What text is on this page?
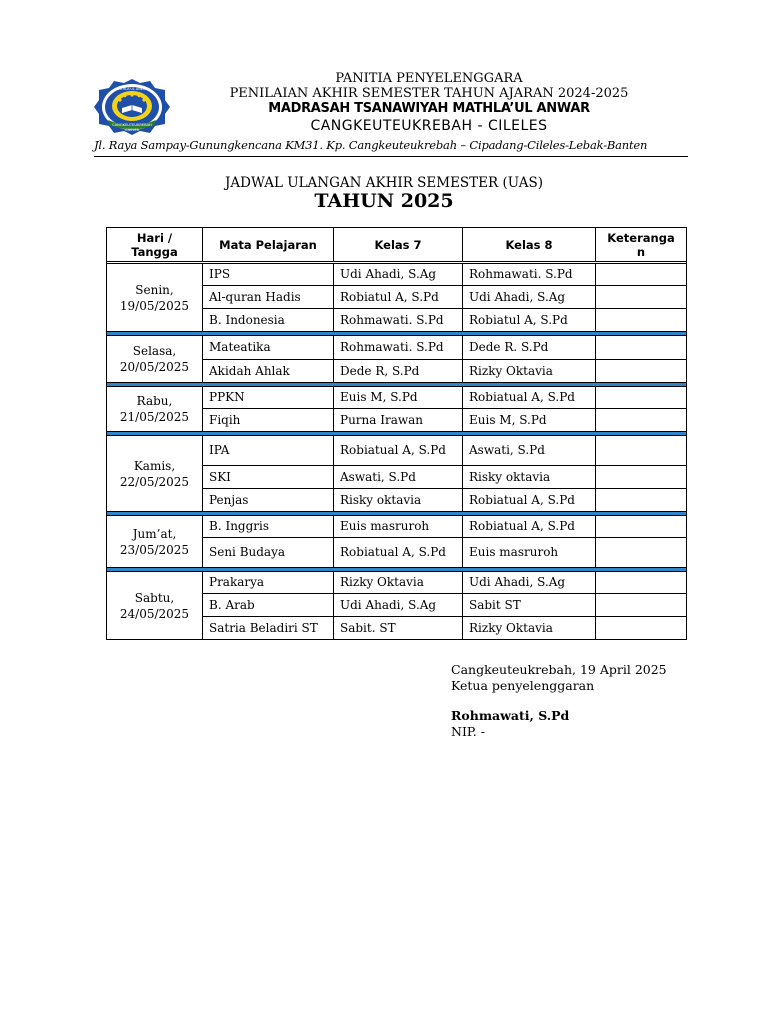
CANGKEUTEUKREBAH
CILELES
MATHLA'UL ANWAR
PANITIA PENYELENGGARA
PENILAIAN AKHIR SEMESTER TAHUN AJARAN 2024-2025
MADRASAH TSANAWIYAH MATHLA’UL ANWAR
CANGKEUTEUKREBAH - CILELES
Jl. Raya Sampay-Gunungkencana KM31. Kp. Cangkeuteukrebah – Cipadang-Cileles-Lebak-Banten
JADWAL ULANGAN AKHIR SEMESTER (UAS)
TAHUN 2025
Hari / Tangga	Mata Pelajaran	Kelas 7	Kelas 8	Keteranga n

Senin,
19/05/2025	IPS	Udi Ahadi, S.Ag	Rohmawati. S.Pd	
	Al-quran Hadis	Robiatul A, S.Pd	Udi Ahadi, S.Ag	
	B. Indonesia	Rohmawati. S.Pd	Robiatul A, S.Pd	

Selasa,
20/05/2025	Mateatika	Rohmawati. S.Pd	Dede R. S.Pd	
	Akidah Ahlak	Dede R, S.Pd	Rizky Oktavia	

Rabu,
21/05/2025	PPKN	Euis M, S.Pd	Robiatual A, S.Pd	
	Fiqih	Purna Irawan	Euis M, S.Pd	

Kamis,
22/05/2025	IPA	Robiatual A, S.Pd	Aswati, S.Pd	
	SKI	Aswati, S.Pd	Risky oktavia	
	Penjas	Risky oktavia	Robiatual A, S.Pd	

Jum’at,
23/05/2025	B. Inggris	Euis masruroh	Robiatual A, S.Pd	
	Seni Budaya	Robiatual A, S.Pd	Euis masruroh	

Sabtu,
24/05/2025	Prakarya	Rizky Oktavia	Udi Ahadi, S.Ag	
	B. Arab	Udi Ahadi, S.Ag	Sabit ST	
	Satria Beladiri ST	Sabit. ST	Rizky Oktavia	
Cangkeuteukrebah, 19 April 2025
Ketua penyelenggaran
Rohmawati, S.Pd
NIP. -
